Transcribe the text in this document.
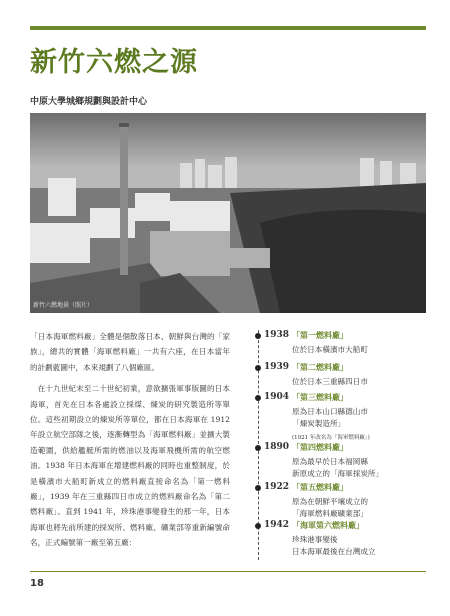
新竹六燃之源
中原大學城鄉規劃與設計中心
新竹六燃地景（照片）

「日本海軍燃料廠」全體是個散落日本、朝鮮與台灣的「家族」，總共的實體「海軍燃料廠」一共有六座，在日本當年的計劃藍圖中，本來規劃了八個廠區。

在十九世紀末至二十世紀初業，意欲擴張軍事版圖的日本海軍，首先在日本各處設立採煤、煉炭的研究製造所等單位。這些初期設立的煉炭所等單位，都在日本海軍在 1912 年設立航空部隊之後，逐漸轉型為「海軍燃料廠」並擴大製造範圍，供給艦艇所需的燃油以及海軍飛機所需的航空燃油。1938 年日本海軍在增建燃料廠的同時也重整制度，於是橫濱市大船町新成立的燃料廠直接命名為「第一燃料廠」，1939 年在三重縣四日市成立的燃料廠命名為「第二燃料廠」。直到 1941 年，珍珠港事變發生的那一年，日本海軍也將先前所建的採炭所、燃料廠、礦業部等重新編號命名，正式編號第一廠至第五廠：

1938 「第一燃料廠」
位於日本橫濱市大船町
1939 「第二燃料廠」
位於日本三重縣四日市
1904 「第三燃料廠」
原為日本山口縣德山市
「煉炭製造所」
(1921 年改名為「海軍燃料廠」)
1890 「第四燃料廠」
原為最早於日本福岡縣
新原成立的「海軍採炭所」
1922 「第五燃料廠」
原為在朝鮮平壤成立的
「海軍燃料廠礦業部」
1942 「海軍第六燃料廠」
珍珠港事變後
日本海軍最後在台灣成立
18
